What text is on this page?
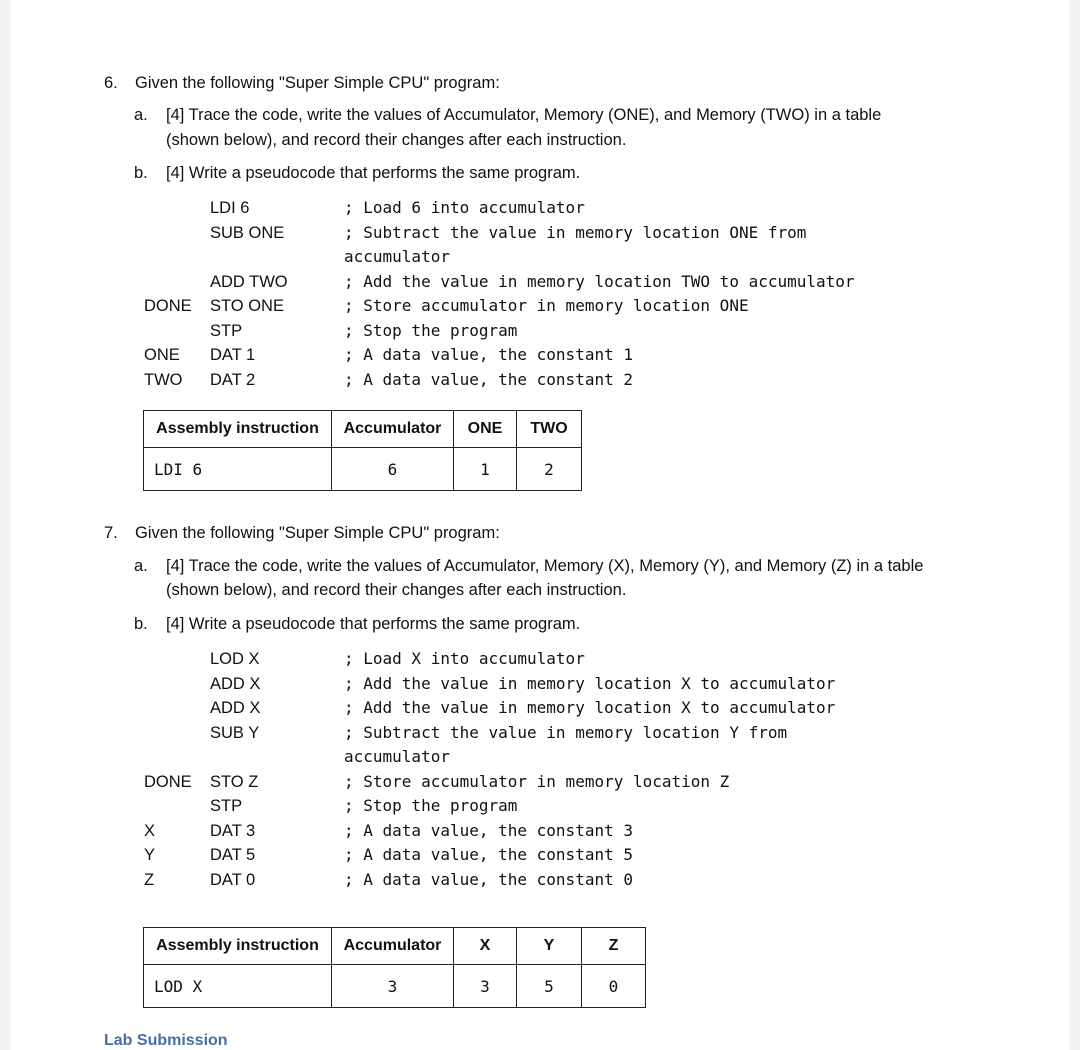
6. Given the following "Super Simple CPU" program:
a. [4] Trace the code, write the values of Accumulator, Memory (ONE), and Memory (TWO) in a table
(shown below), and record their changes after each instruction.
b. [4] Write a pseudocode that performs the same program.
LDI 6	; Load 6 into accumulator
SUB ONE	; Subtract the value in memory location ONE from
accumulator
ADD TWO	; Add the value in memory location TWO to accumulator
DONE STO ONE	; Store accumulator in memory location ONE
STP	; Stop the program
ONE DAT 1	; A data value, the constant 1
TWO DAT 2	; A data value, the constant 2
Assembly instruction	Accumulator	ONE	TWO
LDI 6	6	1	2
7. Given the following "Super Simple CPU" program:
a. [4] Trace the code, write the values of Accumulator, Memory (X), Memory (Y), and Memory (Z) in a table
(shown below), and record their changes after each instruction.
b. [4] Write a pseudocode that performs the same program.
LOD X	; Load X into accumulator
ADD X	; Add the value in memory location X to accumulator
ADD X	; Add the value in memory location X to accumulator
SUB Y	; Subtract the value in memory location Y from
accumulator
DONE STO Z	; Store accumulator in memory location Z
STP	; Stop the program
X	DAT 3	; A data value, the constant 3
Y	DAT 5	; A data value, the constant 5
Z	DAT 0	; A data value, the constant 0
Assembly instruction	Accumulator	X	Y	Z
LOD X	3	3	5	0
Lab Submission
